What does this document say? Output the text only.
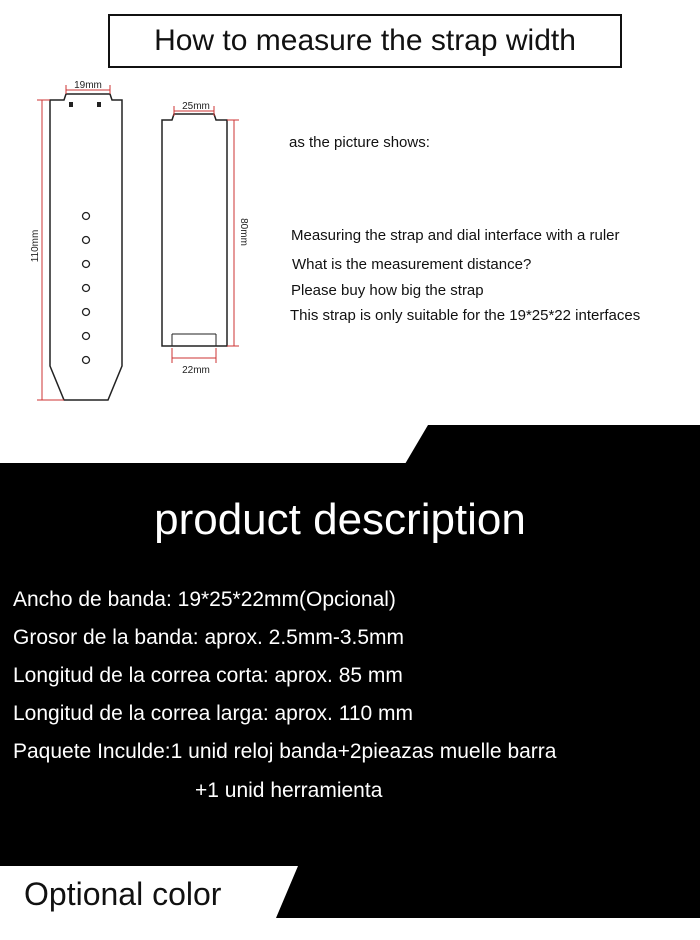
How to measure the strap width
19mm
110mm
25mm
80mm
22mm
as the picture shows:
Measuring the strap and dial interface with a ruler
What is the measurement distance?
Please buy how big the strap
This strap is only suitable for the 19*25*22 interfaces
product description
Ancho de banda: 19*25*22mm(Opcional)
Grosor de la banda: aprox. 2.5mm-3.5mm
Longitud de la correa corta: aprox. 85 mm
Longitud de la correa larga: aprox. 110 mm
Paquete Inculde:1 unid reloj banda+2pieazas muelle barra
+1 unid herramienta
Optional color
